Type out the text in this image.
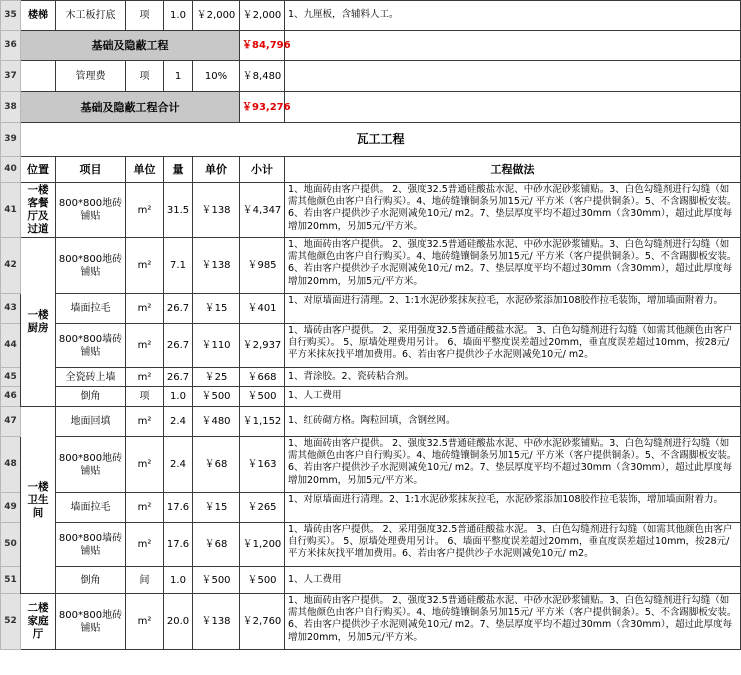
35	楼梯	木工板打底	项	1.0	￥2,000	￥2,000	1、九厘板，含辅料人工。
36	基础及隐蔽工程					￥84,796	
37		管理费	项	1	10%	￥8,480	
38	基础及隐蔽工程合计					￥93,276	
39	瓦工工程						
40	位置	项目	单位	量	单价	小计	工程做法
41	一楼客餐厅及过道	800*800地砖铺贴	m²	31.5	￥138	￥4,347	1、地面砖由客户提供。 2、强度32.5普通硅酸盐水泥、中砂水泥砂浆铺贴。3、白色勾缝剂进行勾缝（如需其他颜色由客户自行购买）。4、地砖缝镶铜条另加15元/ 平方米（客户提供铜条）。5、不含踢脚板安装。 6、若由客户提供沙子水泥则减免10元/ m2。7、垫层厚度平均不超过30mm（含30mm），超过此厚度每增加20mm，另加5元/平方米。
42	一楼厨房	800*800地砖铺贴	m²	7.1	￥138	￥985	1、地面砖由客户提供。 2、强度32.5普通硅酸盐水泥、中砂水泥砂浆铺贴。3、白色勾缝剂进行勾缝（如需其他颜色由客户自行购买）。4、地砖缝镶铜条另加15元/ 平方米（客户提供铜条）。5、不含踢脚板安装。 6、若由客户提供沙子水泥则减免10元/ m2。7、垫层厚度平均不超过30mm（含30mm），超过此厚度每增加20mm，另加5元/平方米。
43		墙面拉毛	m²	26.7	￥15	￥401	1、对原墙面进行清理。2、1:1水泥砂浆抹灰拉毛，水泥砂浆添加108胶作拉毛装饰，增加墙面附着力。
44		800*800墙砖铺贴	m²	26.7	￥110	￥2,937	1、墙砖由客户提供。 2、采用强度32.5普通硅酸盐水泥。 3、白色勾缝剂进行勾缝（如需其他颜色由客户自行购买）。 5、原墙处理费用另计。 6、墙面平整度误差超过20mm，垂直度误差超过10mm，按28元/平方米抹灰找平增加费用。6、若由客户提供沙子水泥则减免10元/ m2。
45		全瓷砖上墙	m²	26.7	￥25	￥668	1、背涂胶。2、瓷砖粘合剂。
46		倒角	项	1.0	￥500	￥500	1、人工费用
47	一楼卫生间	地面回填	m²	2.4	￥480	￥1,152	1、红砖砌方格。陶粒回填，含钢丝网。
48		800*800地砖铺贴	m²	2.4	￥68	￥163	1、地面砖由客户提供。 2、强度32.5普通硅酸盐水泥、中砂水泥砂浆铺贴。3、白色勾缝剂进行勾缝（如需其他颜色由客户自行购买）。4、地砖缝镶铜条另加15元/ 平方米（客户提供铜条）。5、不含踢脚板安装。 6、若由客户提供沙子水泥则减免10元/ m2。7、垫层厚度平均不超过30mm（含30mm），超过此厚度每增加20mm，另加5元/平方米。
49		墙面拉毛	m²	17.6	￥15	￥265	1、对原墙面进行清理。2、1:1水泥砂浆抹灰拉毛，水泥砂浆添加108胶作拉毛装饰，增加墙面附着力。
50		800*800墙砖铺贴	m²	17.6	￥68	￥1,200	1、墙砖由客户提供。 2、采用强度32.5普通硅酸盐水泥。 3、白色勾缝剂进行勾缝（如需其他颜色由客户自行购买）。 5、原墙处理费用另计。 6、墙面平整度误差超过20mm，垂直度误差超过10mm，按28元/平方米抹灰找平增加费用。6、若由客户提供沙子水泥则减免10元/ m2。
51		倒角	间	1.0	￥500	￥500	1、人工费用
52	二楼家庭厅	800*800地砖铺贴	m²	20.0	￥138	￥2,760	1、地面砖由客户提供。 2、强度32.5普通硅酸盐水泥、中砂水泥砂浆铺贴。3、白色勾缝剂进行勾缝（如需其他颜色由客户自行购买）。4、地砖缝镶铜条另加15元/ 平方米（客户提供铜条）。5、不含踢脚板安装。 6、若由客户提供沙子水泥则减免10元/ m2。7、垫层厚度平均不超过30mm（含30mm），超过此厚度每增加20mm，另加5元/平方米。
